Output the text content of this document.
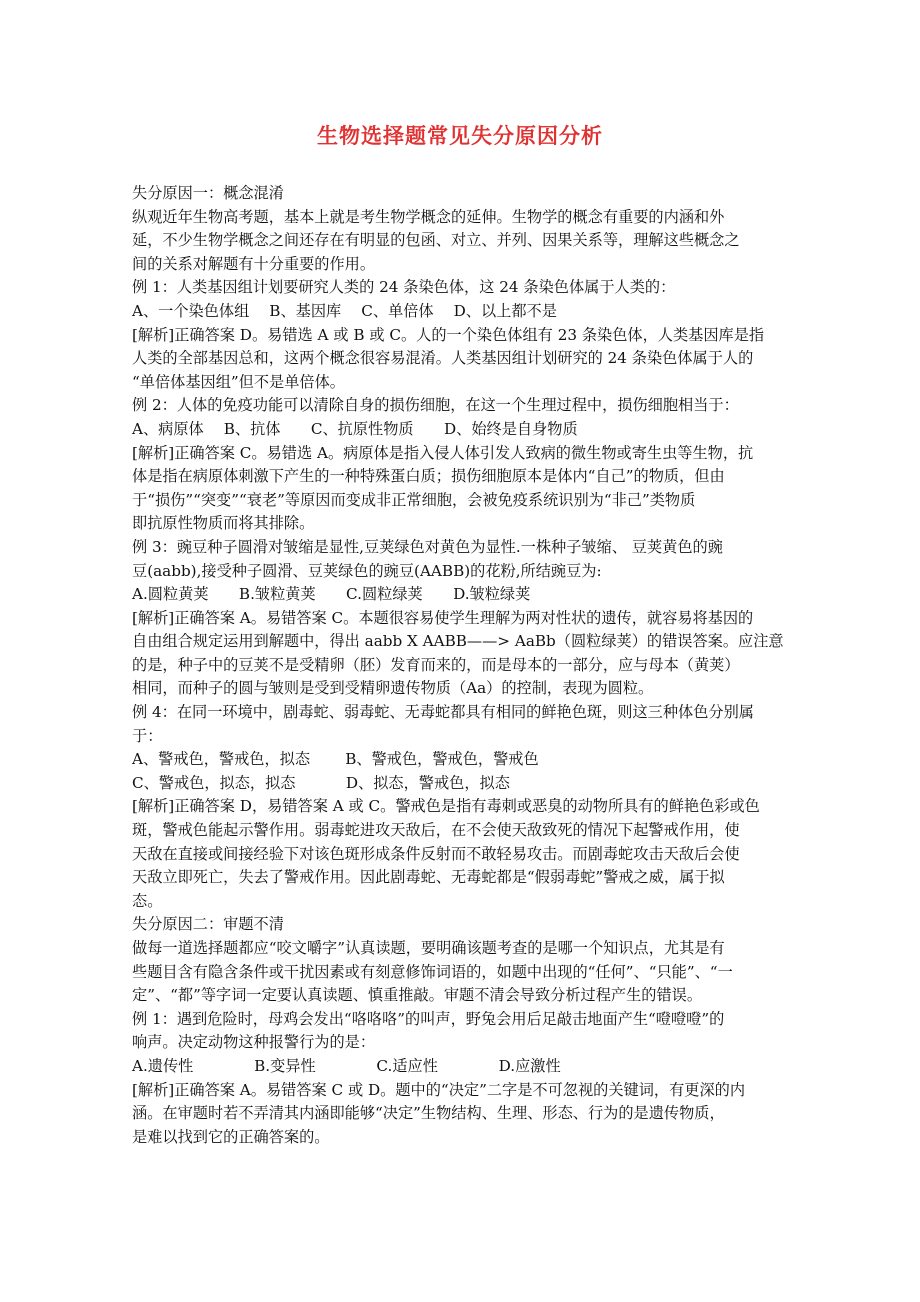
生物选择题常见失分原因分析

失分原因一：概念混淆

纵观近年生物高考题，基本上就是考生物学概念的延伸。生物学的概念有重要的内涵和外

延，不少生物学概念之间还存在有明显的包函、对立、并列、因果关系等，理解这些概念之

间的关系对解题有十分重要的作用。

例 1：人类基因组计划要研究人类的 24 条染色体，这 24 条染色体属于人类的：

A、一个染色体组　 B、基因库　 C、单倍体　 D、以上都不是

[解析]正确答案 D。易错选 A 或 B 或 C。人的一个染色体组有 23 条染色体，人类基因库是指

人类的全部基因总和，这两个概念很容易混淆。人类基因组计划研究的 24 条染色体属于人的

“单倍体基因组”但不是单倍体。

例 2：人体的免疫功能可以清除自身的损伤细胞，在这一个生理过程中，损伤细胞相当于：

A、病原体　 B、抗体　　C、抗原性物质　　D、始终是自身物质

[解析]正确答案 C。易错选 A。病原体是指入侵人体引发人致病的微生物或寄生虫等生物，抗

体是指在病原体刺激下产生的一种特殊蛋白质；损伤细胞原本是体内“自己”的物质，但由

于“损伤”“突变”“衰老”等原因而变成非正常细胞，会被免疫系统识别为“非己”类物质

即抗原性物质而将其排除。

例 3：豌豆种子圆滑对皱缩是显性,豆荚绿色对黄色为显性.一株种子皱缩、 豆荚黄色的豌

豆(aabb),接受种子圆滑、豆荚绿色的豌豆(AABB)的花粉,所结豌豆为:

A.圆粒黄荚　　B.皱粒黄荚　　C.圆粒绿荚　　D.皱粒绿荚

[解析]正确答案 A。易错答案 C。本题很容易使学生理解为两对性状的遗传，就容易将基因的

自由组合规定运用到解题中，得出 aabb X AABB——> AaBb（圆粒绿荚）的错误答案。应注意

的是，种子中的豆荚不是受精卵（胚）发育而来的，而是母本的一部分，应与母本（黄荚）

相同，而种子的圆与皱则是受到受精卵遗传物质（Aa）的控制，表现为圆粒。

例 4：在同一环境中，剧毒蛇、弱毒蛇、无毒蛇都具有相同的鲜艳色斑，则这三种体色分别属

于：

A、警戒色，警戒色，拟态　　 B、警戒色，警戒色，警戒色

C、警戒色，拟态，拟态　　　 D、拟态，警戒色，拟态

[解析]正确答案 D，易错答案 A 或 C。警戒色是指有毒刺或恶臭的动物所具有的鲜艳色彩或色

斑，警戒色能起示警作用。弱毒蛇进攻天敌后，在不会使天敌致死的情况下起警戒作用，使

天敌在直接或间接经验下对该色斑形成条件反射而不敢轻易攻击。而剧毒蛇攻击天敌后会使

天敌立即死亡，失去了警戒作用。因此剧毒蛇、无毒蛇都是“假弱毒蛇”警戒之威，属于拟

态。

失分原因二：审题不清

做每一道选择题都应“咬文嚼字”认真读题，要明确该题考查的是哪一个知识点，尤其是有

些题目含有隐含条件或干扰因素或有刻意修饰词语的，如题中出现的“任何”、“只能”、“一

定”、“都”等字词一定要认真读题、慎重推敲。审题不清会导致分析过程产生的错误。

例 1：遇到危险时，母鸡会发出“咯咯咯”的叫声，野兔会用后足敲击地面产生“噔噔噔”的

响声。决定动物这种报警行为的是：

A.遗传性　　　　B.变异性　　　　C.适应性　　　　D.应激性

[解析]正确答案 A。易错答案 C 或 D。题中的“决定”二字是不可忽视的关键词，有更深的内

涵。在审题时若不弄清其内涵即能够“决定”生物结构、生理、形态、行为的是遗传物质，

是难以找到它的正确答案的。
